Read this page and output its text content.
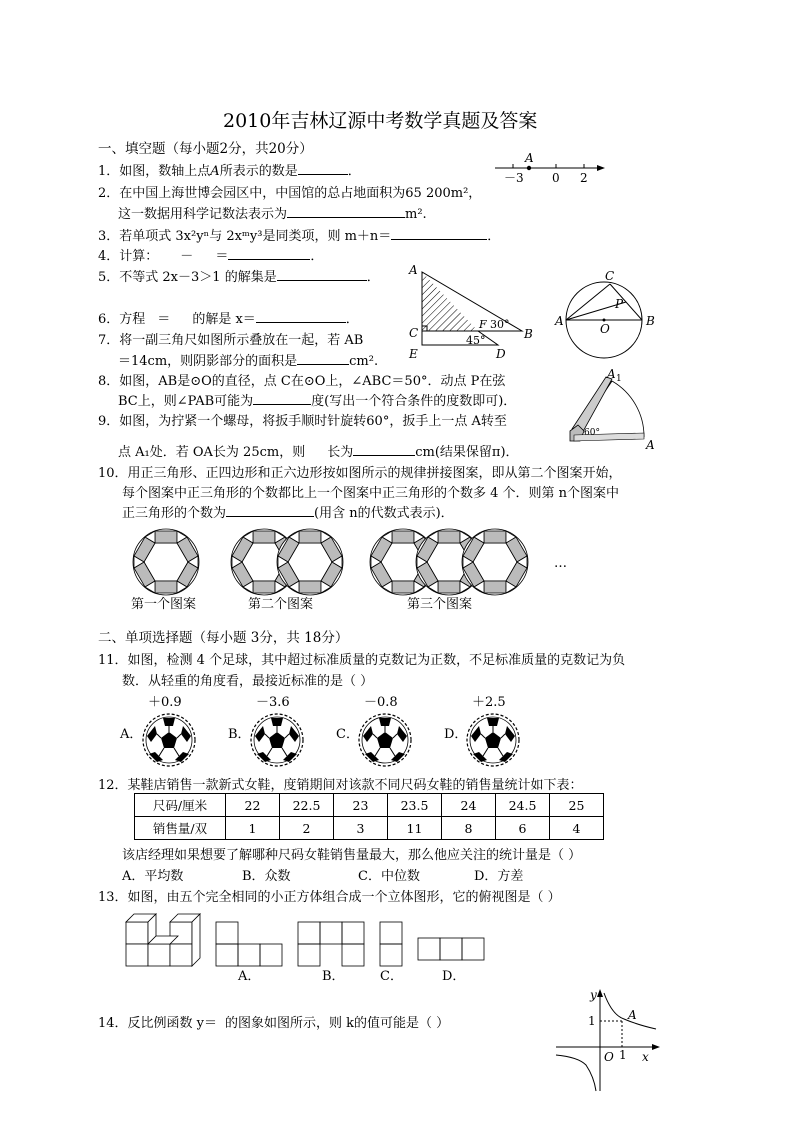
2010年吉林辽源中考数学真题及答案
一、填空题（每小题2分，共20分）
1．如图，数轴上点A所表示的数是	．
A
－3 0 2
2．在中国上海世博会园区中，中国馆的总占地面积为65 200m²，
这一数据用科学记数法表示为	m².
3．若单项式 3x²yⁿ与 2xᵐy³是同类项，则 m＋n＝	．
4．计算： － ＝	．
5．不等式 2x－3＞1 的解集是	．
6．方程 ＝ 的解是 x＝	．
7．将一副三角尺如图所示叠放在一起，若 AB
＝14cm，则阴影部分的面积是	cm².
A
C
E
F 30°
B
45°
D
C
P
A
O
B
8．如图，AB是⊙O的直径，点 C在⊙O上，∠ABC＝50°．动点 P在弦
BC上，则∠PAB可能为	度(写出一个符合条件的度数即可)．
A 1
60°
A
9．如图，为拧紧一个螺母，将扳手顺时针旋转60°，扳手上一点 A转至
点 A₁处．若 OA长为 25cm，则 长为	cm(结果保留π)．
10．用正三角形、正四边形和正六边形按如图所示的规律拼接图案，即从第二个图案开始，
每个图案中正三角形的个数都比上一个图案中正三角形的个数多 4 个．则第 n个图案中
正三角形的个数为	(用含 n的代数式表示)．
…
第一个图案	第二个图案	第三个图案
二、单项选择题（每小题 3分，共 18分）
11．如图，检测 4 个足球，其中超过标准质量的克数记为正数，不足标准质量的克数记为负
数．从轻重的角度看，最接近标准的是（ ）
＋0.9	－3.6	－0.8	＋2.5
A．	B．	C．	D．
12．某鞋店销售一款新式女鞋，度销期间对该款不同尺码女鞋的销售量统计如下表：
尺码/厘米	22	22.5	23	23.5	24	24.5	25
销售量/双	1	2	3	11	8	6	4
该店经理如果想要了解哪种尺码女鞋销售量最大，那么他应关注的统计量是（ ）
A．平均数	B．众数	C．中位数	D．方差
13．如图，由五个完全相同的小正方体组合成一个立体图形，它的俯视图是（ ）
A．	B．	C．	D．
14．反比例函数 y＝ 的图象如图所示，则 k的值可能是（ ）
y
1	A
O 1 x
